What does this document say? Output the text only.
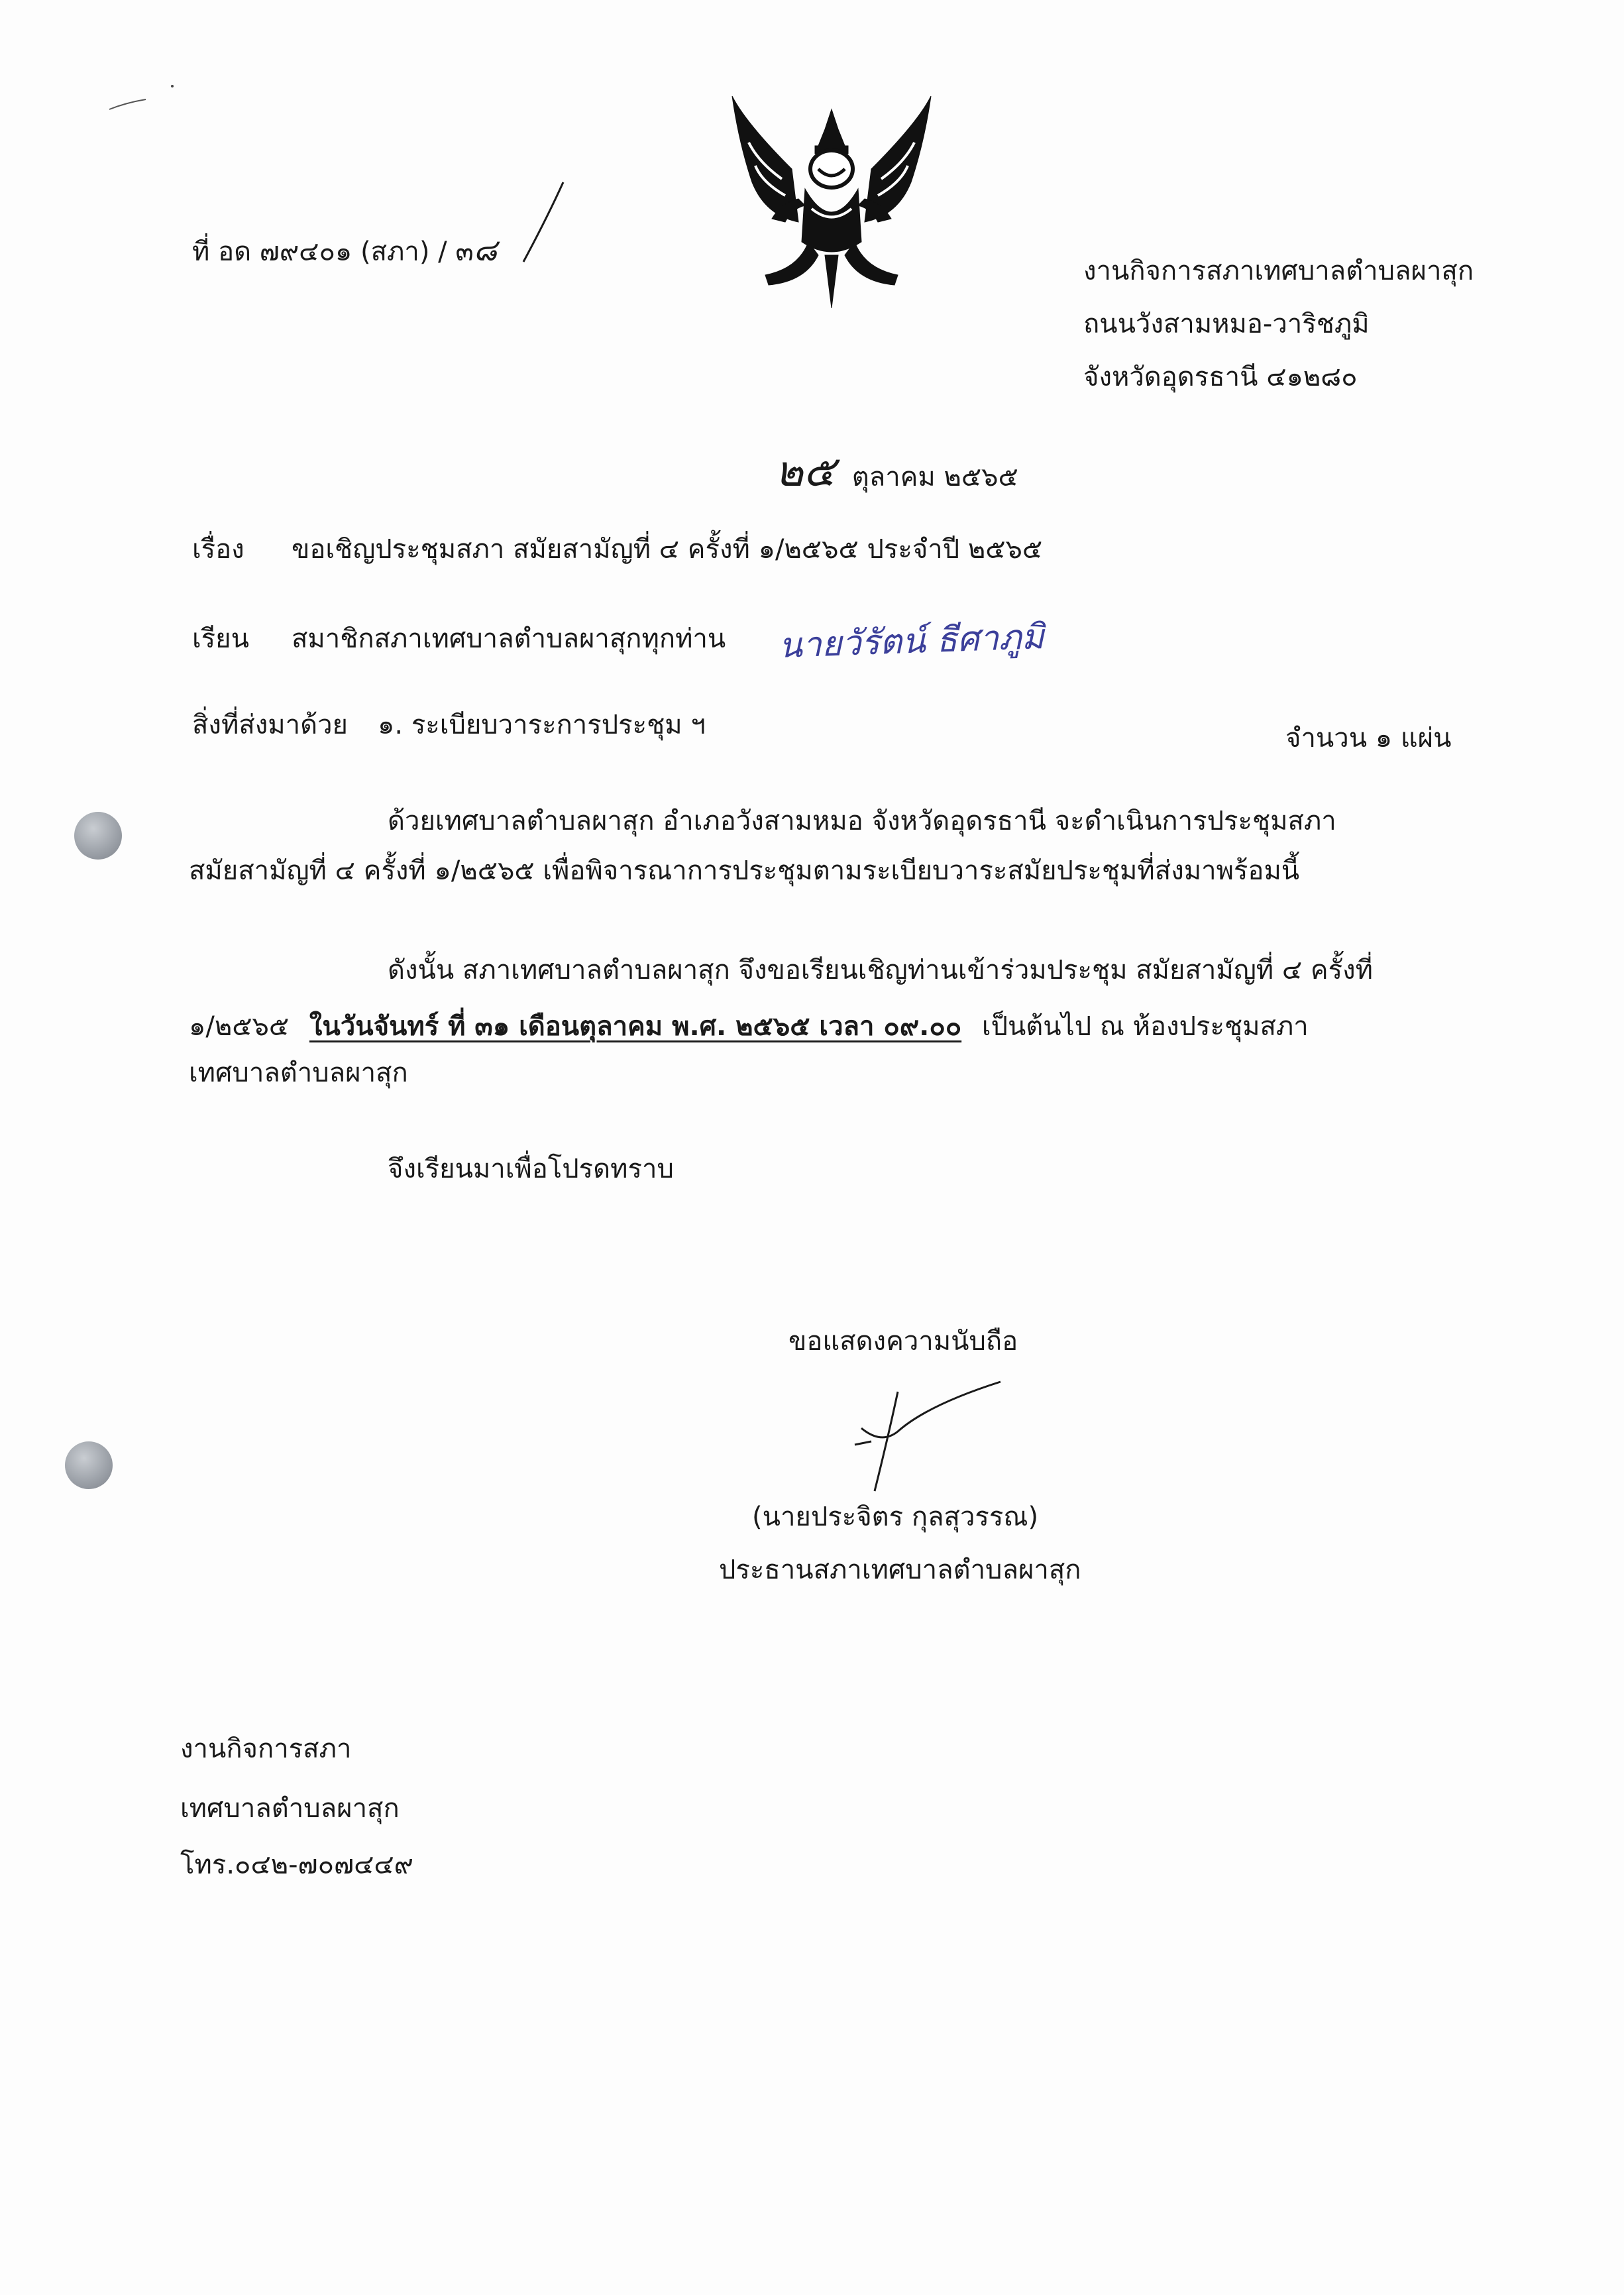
ที่ อด ๗๙๔๐๑ (สภา) / ๓๘
งานกิจการสภาเทศบาลตำบลผาสุก
ถนนวังสามหมอ-วาริชภูมิ
จังหวัดอุดรธานี ๔๑๒๘๐
๒๕ ตุลาคม ๒๕๖๕
เรื่อง ขอเชิญประชุมสภา สมัยสามัญที่ ๔ ครั้งที่ ๑/๒๕๖๕ ประจำปี ๒๕๖๕
เรียน สมาชิกสภาเทศบาลตำบลผาสุกทุกท่าน นายวัรัตน์ ธีศาภูมิ
สิ่งที่ส่งมาด้วย ๑. ระเบียบวาระการประชุม ฯ	จำนวน ๑ แผ่น
ด้วยเทศบาลตำบลผาสุก อำเภอวังสามหมอ จังหวัดอุดรธานี จะดำเนินการประชุมสภา
สมัยสามัญที่ ๔ ครั้งที่ ๑/๒๕๖๕ เพื่อพิจารณาการประชุมตามระเบียบวาระสมัยประชุมที่ส่งมาพร้อมนี้
ดังนั้น สภาเทศบาลตำบลผาสุก จึงขอเรียนเชิญท่านเข้าร่วมประชุม สมัยสามัญที่ ๔ ครั้งที่
๑/๒๕๖๕ ในวันจันทร์ ที่ ๓๑ เดือนตุลาคม พ.ศ. ๒๕๖๕ เวลา ๐๙.๐๐ เป็นต้นไป ณ ห้องประชุมสภา
เทศบาลตำบลผาสุก
จึงเรียนมาเพื่อโปรดทราบ
ขอแสดงความนับถือ
(นายประจิตร กุลสุวรรณ)
ประธานสภาเทศบาลตำบลผาสุก
งานกิจการสภา
เทศบาลตำบลผาสุก
โทร.๐๔๒-๗๐๗๔๔๙
